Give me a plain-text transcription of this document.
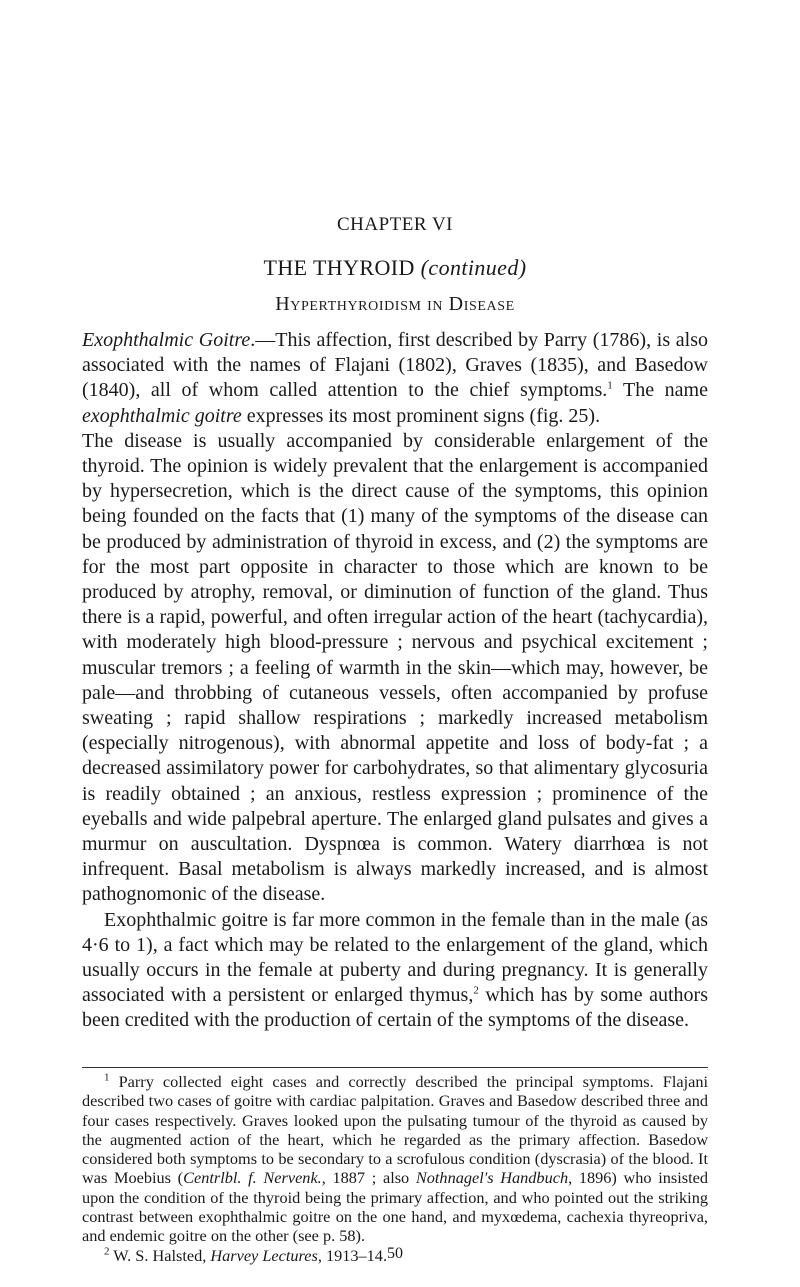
CHAPTER VI
THE THYROID (continued)
Hyperthyroidism in Disease

Exophthalmic Goitre.—This affection, first described by Parry (1786), is also associated with the names of Flajani (1802), Graves (1835), and Basedow (1840), all of whom called attention to the chief symptoms.$^1$ The name exophthalmic goitre expresses its most prominent signs (fig. 25).

The disease is usually accompanied by considerable enlargement of the thyroid. The opinion is widely prevalent that the enlargement is accompanied by hypersecretion, which is the direct cause of the symptoms, this opinion being founded on the facts that (1) many of the symptoms of the disease can be produced by administration of thyroid in excess, and (2) the symptoms are for the most part opposite in character to those which are known to be produced by atrophy, removal, or diminution of function of the gland. Thus there is a rapid, powerful, and often irregular action of the heart (tachycardia), with moderately high blood-pressure ; nervous and psychical excitement ; muscular tremors ; a feeling of warmth in the skin—which may, however, be pale—and throbbing of cutaneous vessels, often accompanied by profuse sweating ; rapid shallow respirations ; markedly increased metabolism (especially nitrogenous), with abnormal appetite and loss of body-fat ; a decreased assimilatory power for carbohydrates, so that alimentary glycosuria is readily obtained ; an anxious, restless expression ; prominence of the eyeballs and wide palpebral aperture. The enlarged gland pulsates and gives a murmur on auscultation. Dyspnœa is common. Watery diarrhœa is not infrequent. Basal metabolism is always markedly increased, and is almost pathognomonic of the disease.

Exophthalmic goitre is far more common in the female than in the male (as 4·6 to 1), a fact which may be related to the enlargement of the gland, which usually occurs in the female at puberty and during pregnancy. It is generally associated with a persistent or enlarged thymus,$^2$ which has by some authors been credited with the production of certain of the symptoms of the disease.

$^1$ Parry collected eight cases and correctly described the principal symptoms. Flajani described two cases of goitre with cardiac palpitation. Graves and Basedow described three and four cases respectively. Graves looked upon the pulsating tumour of the thyroid as caused by the augmented action of the heart, which he regarded as the primary affection. Basedow considered both symptoms to be secondary to a scrofulous condition (dyscrasia) of the blood. It was Moebius (Centrlbl. f. Nervenk., 1887 ; also Nothnagel's Handbuch, 1896) who insisted upon the condition of the thyroid being the primary affection, and who pointed out the striking contrast between exophthalmic goitre on the one hand, and myxœdema, cachexia thyreopriva, and endemic goitre on the other (see p. 58).

$^2$ W. S. Halsted, Harvey Lectures, 1913–14. 50
